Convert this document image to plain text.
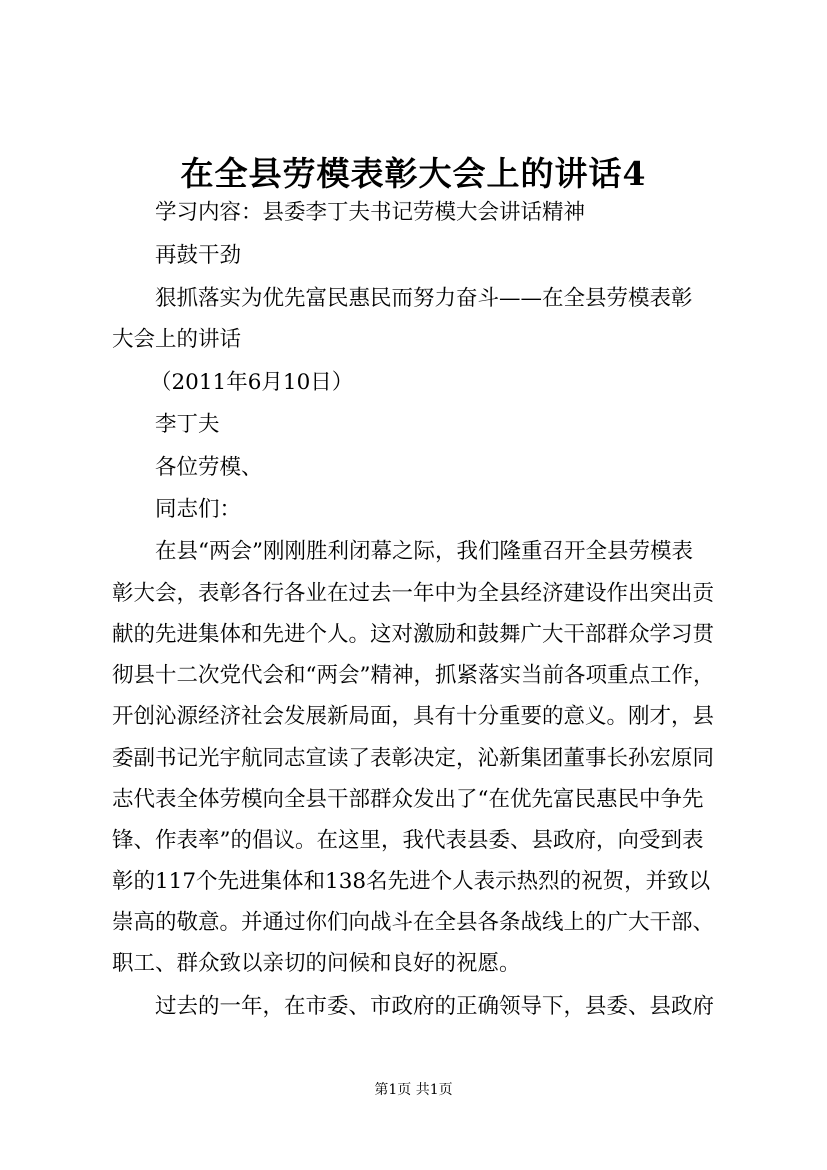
在全县劳模表彰大会上的讲话4
学习内容：县委李丁夫书记劳模大会讲话精神
再鼓干劲
狠抓落实为优先富民惠民而努力奋斗——在全县劳模表彰
大会上的讲话
（2011年6月10日）
李丁夫
各位劳模、
同志们：
在县“两会”刚刚胜利闭幕之际，我们隆重召开全县劳模表
彰大会，表彰各行各业在过去一年中为全县经济建设作出突出贡
献的先进集体和先进个人。这对激励和鼓舞广大干部群众学习贯
彻县十二次党代会和“两会”精神，抓紧落实当前各项重点工作，
开创沁源经济社会发展新局面，具有十分重要的意义。刚才，县
委副书记光宇航同志宣读了表彰决定，沁新集团董事长孙宏原同
志代表全体劳模向全县干部群众发出了“在优先富民惠民中争先
锋、作表率”的倡议。在这里，我代表县委、县政府，向受到表
彰的117个先进集体和138名先进个人表示热烈的祝贺，并致以
崇高的敬意。并通过你们向战斗在全县各条战线上的广大干部、
职工、群众致以亲切的问候和良好的祝愿。
过去的一年，在市委、市政府的正确领导下，县委、县政府
第1页 共1页
